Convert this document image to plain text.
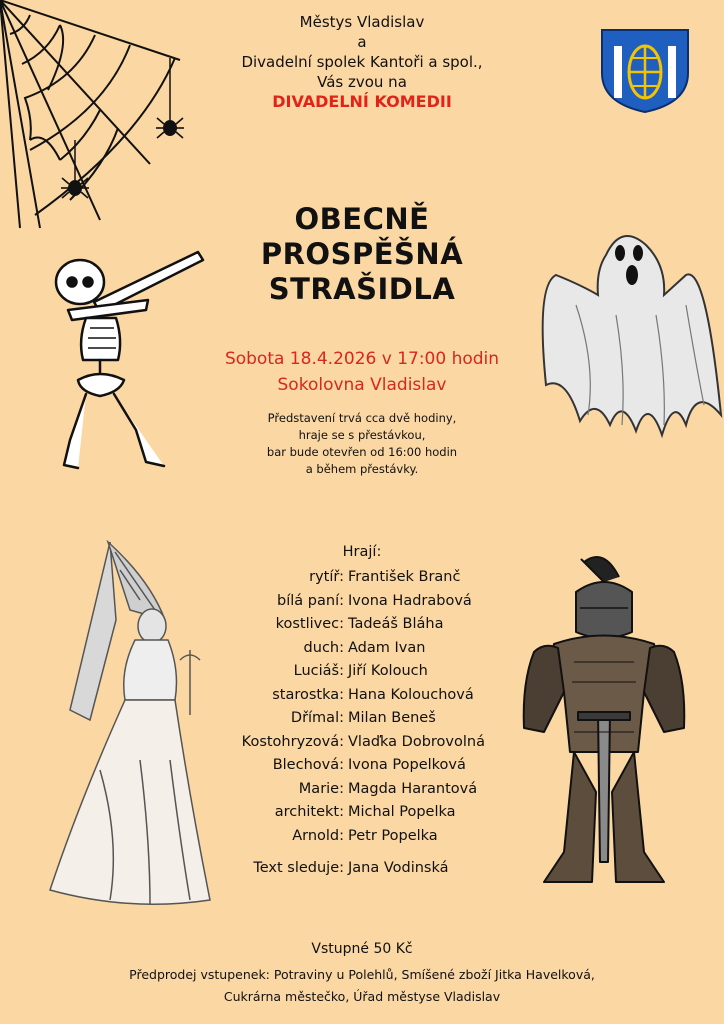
Městys Vladislav
a
Divadelní spolek Kantoři a spol.,
Vás zvou na
DIVADELNÍ KOMEDII
OBECNĚ
PROSPĚŠNÁ
STRAŠIDLA
Sobota 18.4.2026 v 17:00 hodin
Sokolovna Vladislav
Představení trvá cca dvě hodiny,
hraje se s přestávkou,
bar bude otevřen od 16:00 hodin
a během přestávky.
Hrají:
rytíř: František Branč
bílá paní: Ivona Hadrabová
kostlivec: Tadeáš Bláha
duch: Adam Ivan
Luciáš: Jiří Kolouch
starostka: Hana Kolouchová
Dřímal: Milan Beneš
Kostohryzová: Vlaďka Dobrovolná
Blechová: Ivona Popelková
Marie: Magda Harantová
architekt: Michal Popelka
Arnold: Petr Popelka
Text sleduje: Jana Vodinská
Vstupné 50 Kč
Předprodej vstupenek: Potraviny u Polehlů, Smíšené zboží Jitka Havelková,
Cukrárna městečko, Úřad městyse Vladislav
